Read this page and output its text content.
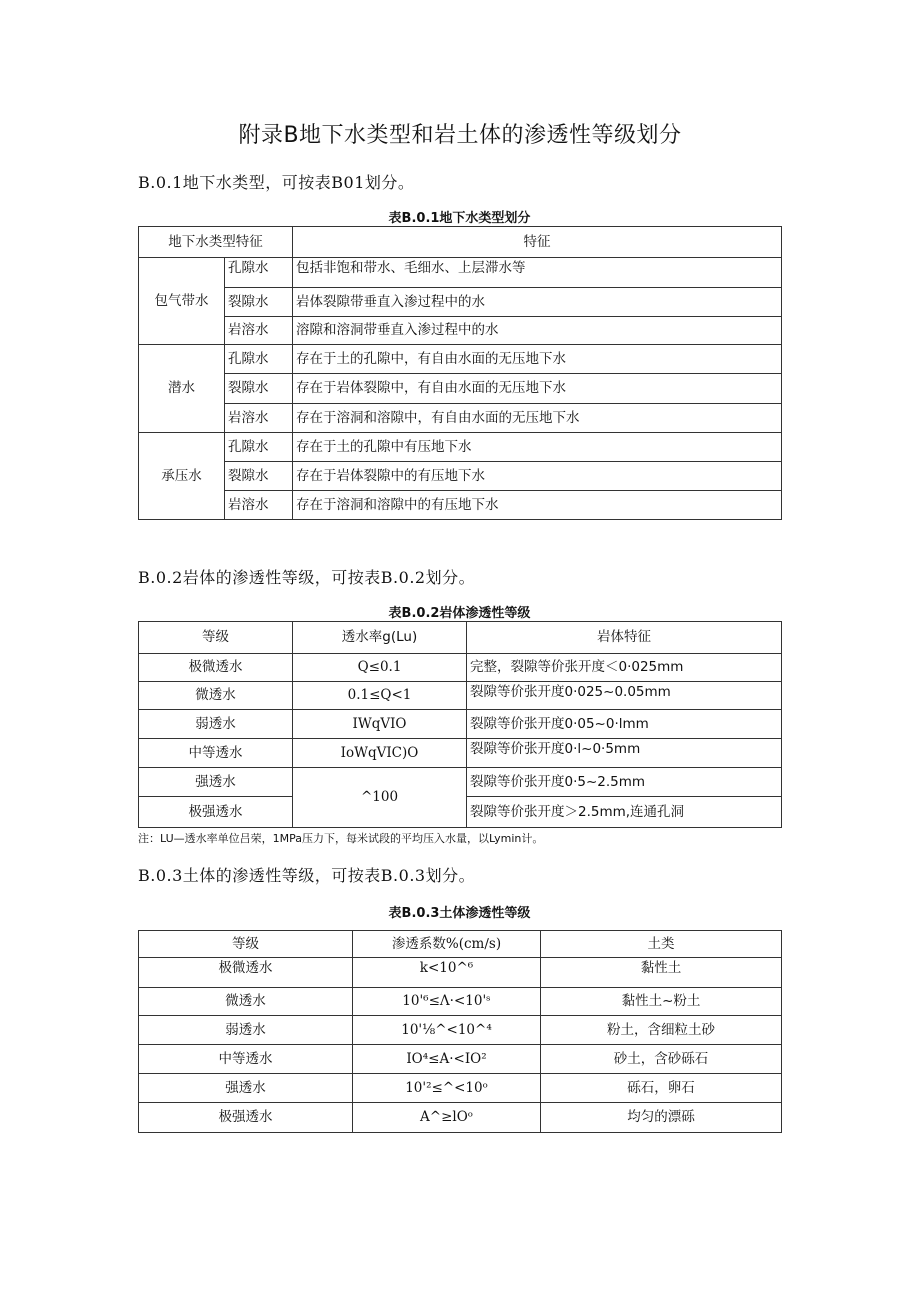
附录B地下水类型和岩土体的渗透性等级划分
B.0.1地下水类型，可按表B01划分。
表B.0.1地下水类型划分
地下水类型特征		特征
包气带水	孔隙水	包括非饱和带水、毛细水、上层滞水等
	裂隙水	岩体裂隙带垂直入渗过程中的水
	岩溶水	溶隙和溶洞带垂直入渗过程中的水
潜水	孔隙水	存在于土的孔隙中，有自由水面的无压地下水
	裂隙水	存在于岩体裂隙中，有自由水面的无压地下水
	岩溶水	存在于溶洞和溶隙中，有自由水面的无压地下水
承压水	孔隙水	存在于土的孔隙中有压地下水
	裂隙水	存在于岩体裂隙中的有压地下水
	岩溶水	存在于溶洞和溶隙中的有压地下水
B.0.2岩体的渗透性等级，可按表B.0.2划分。
表B.0.2岩体渗透性等级
等级	透水率g(Lu)	岩体特征
极微透水	Q≤0.1	完整，裂隙等价张开度＜0·025mm
微透水	0.1≤Q<1	裂隙等价张开度0·025~0.05mm
弱透水	IWqVIO	裂隙等价张开度0·05~0·lmm
中等透水	IoWqVIC)O	裂隙等价张开度0·l~0·5mm
强透水	^100	裂隙等价张开度0·5~2.5mm
极强透水		裂隙等价张开度＞2.5mm,连通孔洞
注：LU—透水率单位吕荣，1MPa压力下，每米试段的平均压入水量，以Lymin计。
B.0.3土体的渗透性等级，可按表B.0.3划分。
表B.0.3土体渗透性等级
等级	渗透系数%(cm∕s)	土类
极微透水	k<10^⁶	黏性土
微透水	10'⁶≤Λ·<10'ˢ	黏性土~粉土
弱透水	10'⅛^<10^⁴	粉土，含细粒土砂
中等透水	IO⁴≤A·<IO²	砂土，含砂砾石
强透水	10'²≤^<10ᵒ	砾石，卵石
极强透水	A^≥lOᵒ	均匀的漂砾
